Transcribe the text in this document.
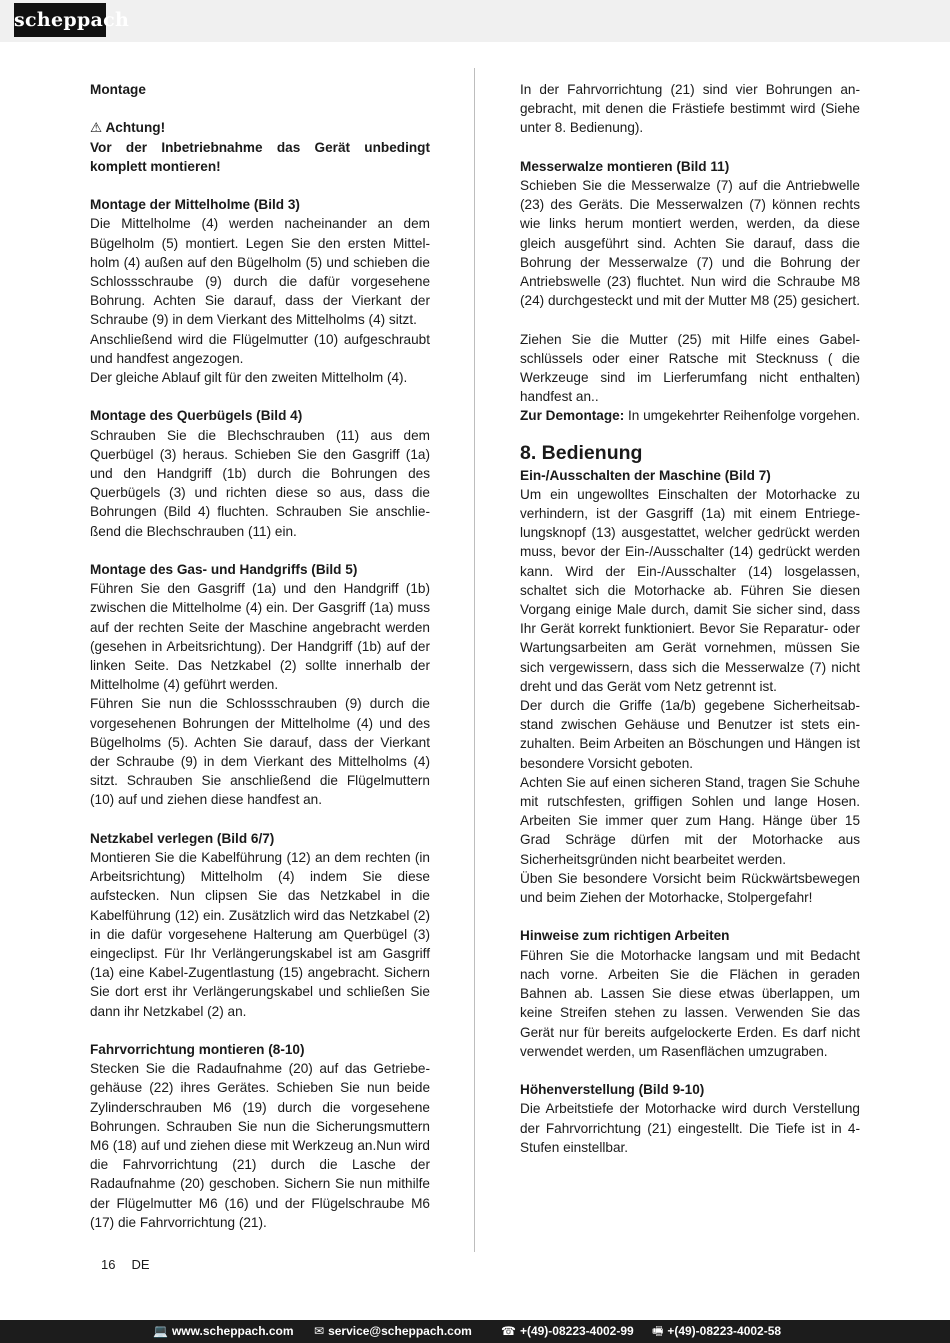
scheppach

Montage

⚠ Achtung!

Vor der Inbetriebnahme das Gerät unbedingt komplett montieren!

Montage der Mittelholme (Bild 3)

Die Mittelholme (4) werden nacheinander an dem Bügelholm (5) montiert. Legen Sie den ersten Mittelholm (4) außen auf den Bügelholm (5) und schieben die Schlossschraube (9) durch die dafür vorgesehene Bohrung. Achten Sie darauf, dass der Vierkant der Schraube (9) in dem Vierkant des Mittelholms (4) sitzt.

Anschließend wird die Flügelmutter (10) aufgeschraubt und handfest angezogen.

Der gleiche Ablauf gilt für den zweiten Mittelholm (4).

Montage des Querbügels (Bild 4)

Schrauben Sie die Blechschrauben (11) aus dem Querbügel (3) heraus. Schieben Sie den Gasgriff (1a) und den Handgriff (1b) durch die Bohrungen des Querbügels (3) und richten diese so aus, dass die Bohrungen (Bild 4) fluchten. Schrauben Sie anschließend die Blechschrauben (11) ein.

Montage des Gas- und Handgriffs (Bild 5)

Führen Sie den Gasgriff (1a) und den Handgriff (1b) zwischen die Mittelholme (4) ein. Der Gasgriff (1a) muss auf der rechten Seite der Maschine angebracht werden (gesehen in Arbeitsrichtung). Der Handgriff (1b) auf der linken Seite. Das Netzkabel (2) sollte innerhalb der Mittelholme (4) geführt werden.

Führen Sie nun die Schlossschrauben (9) durch die vorgesehenen Bohrungen der Mittelholme (4) und des Bügelholms (5). Achten Sie darauf, dass der Vierkant der Schraube (9) in dem Vierkant des Mittelholms (4) sitzt. Schrauben Sie anschließend die Flügelmuttern (10) auf und ziehen diese handfest an.

Netzkabel verlegen (Bild 6/7)

Montieren Sie die Kabelführung (12) an dem rechten (in Arbeitsrichtung) Mittelholm (4) indem Sie diese aufstecken. Nun clipsen Sie das Netzkabel in die Kabelführung (12) ein. Zusätzlich wird das Netzkabel (2) in die dafür vorgesehene Halterung am Querbügel (3) eingeclipst. Für Ihr Verlängerungskabel ist am Gasgriff (1a) eine Kabel-Zugentlastung (15) angebracht. Sichern Sie dort erst ihr Verlängerungskabel und schließen Sie dann ihr Netzkabel (2) an.

Fahrvorrichtung montieren (8-10)

Stecken Sie die Radaufnahme (20) auf das Getriebegehäuse (22) ihres Gerätes. Schieben Sie nun beide Zylinderschrauben M6 (19) durch die vorgesehene Bohrungen. Schrauben Sie nun die Sicherungsmuttern M6 (18) auf und ziehen diese mit Werkzeug an.Nun wird die Fahrvorrichtung (21) durch die Lasche der Radaufnahme (20) geschoben. Sichern Sie nun mithilfe der Flügelmutter M6 (16) und der Flügelschraube M6 (17) die Fahrvorrichtung (21).

In der Fahrvorrichtung (21) sind vier Bohrungen angebracht, mit denen die Frästiefe bestimmt wird (Siehe unter 8. Bedienung).

Messerwalze montieren (Bild 11)

Schieben Sie die Messerwalze (7) auf die Antriebwelle (23) des Geräts. Die Messerwalzen (7) können rechts wie links herum montiert werden, werden, da diese gleich ausgeführt sind. Achten Sie darauf, dass die Bohrung der Messerwalze (7) und die Bohrung der Antriebswelle (23) fluchtet. Nun wird die Schraube M8 (24) durchgesteckt und mit der Mutter M8 (25) gesichert.

Ziehen Sie die Mutter (25) mit Hilfe eines Gabelschlüssels oder einer Ratsche mit Stecknuss ( die Werkzeuge sind im Lierferumfang nicht enthalten) handfest an..

Zur Demontage: In umgekehrter Reihenfolge vorgehen.

8. Bedienung

Ein-/Ausschalten der Maschine (Bild 7)

Um ein ungewolltes Einschalten der Motorhacke zu verhindern, ist der Gasgriff (1a) mit einem Entriegelungsknopf (13) ausgestattet, welcher gedrückt werden muss, bevor der Ein-/Ausschalter (14) gedrückt werden kann. Wird der Ein-/Ausschalter (14) losgelassen, schaltet sich die Motorhacke ab. Führen Sie diesen Vorgang einige Male durch, damit Sie sicher sind, dass Ihr Gerät korrekt funktioniert. Bevor Sie Reparatur- oder Wartungsarbeiten am Gerät vornehmen, müssen Sie sich vergewissern, dass sich die Messerwalze (7) nicht dreht und das Gerät vom Netz getrennt ist.

Der durch die Griffe (1a/b) gegebene Sicherheitsabstand zwischen Gehäuse und Benutzer ist stets einzuhalten. Beim Arbeiten an Böschungen und Hängen ist besondere Vorsicht geboten.

Achten Sie auf einen sicheren Stand, tragen Sie Schuhe mit rutschfesten, griffigen Sohlen und lange Hosen. Arbeiten Sie immer quer zum Hang. Hänge über 15 Grad Schräge dürfen mit der Motorhacke aus Sicherheitsgründen nicht bearbeitet werden.

Üben Sie besondere Vorsicht beim Rückwärtsbewegen und beim Ziehen der Motorhacke, Stolpergefahr!

Hinweise zum richtigen Arbeiten

Führen Sie die Motorhacke langsam und mit Bedacht nach vorne. Arbeiten Sie die Flächen in geraden Bahnen ab. Lassen Sie diese etwas überlappen, um keine Streifen stehen zu lassen. Verwenden Sie das Gerät nur für bereits aufgelockerte Erden. Es darf nicht verwendet werden, um Rasenflächen umzugraben.

Höhenverstellung (Bild 9-10)

Die Arbeitstiefe der Motorhacke wird durch Verstellung der Fahrvorrichtung (21) eingestellt. Die Tiefe ist in 4-Stufen einstellbar.

16 DE
💻 www.scheppach.com ✉ service@scheppach.com ☎ +(49)-08223-4002-99 🖷 +(49)-08223-4002-58
